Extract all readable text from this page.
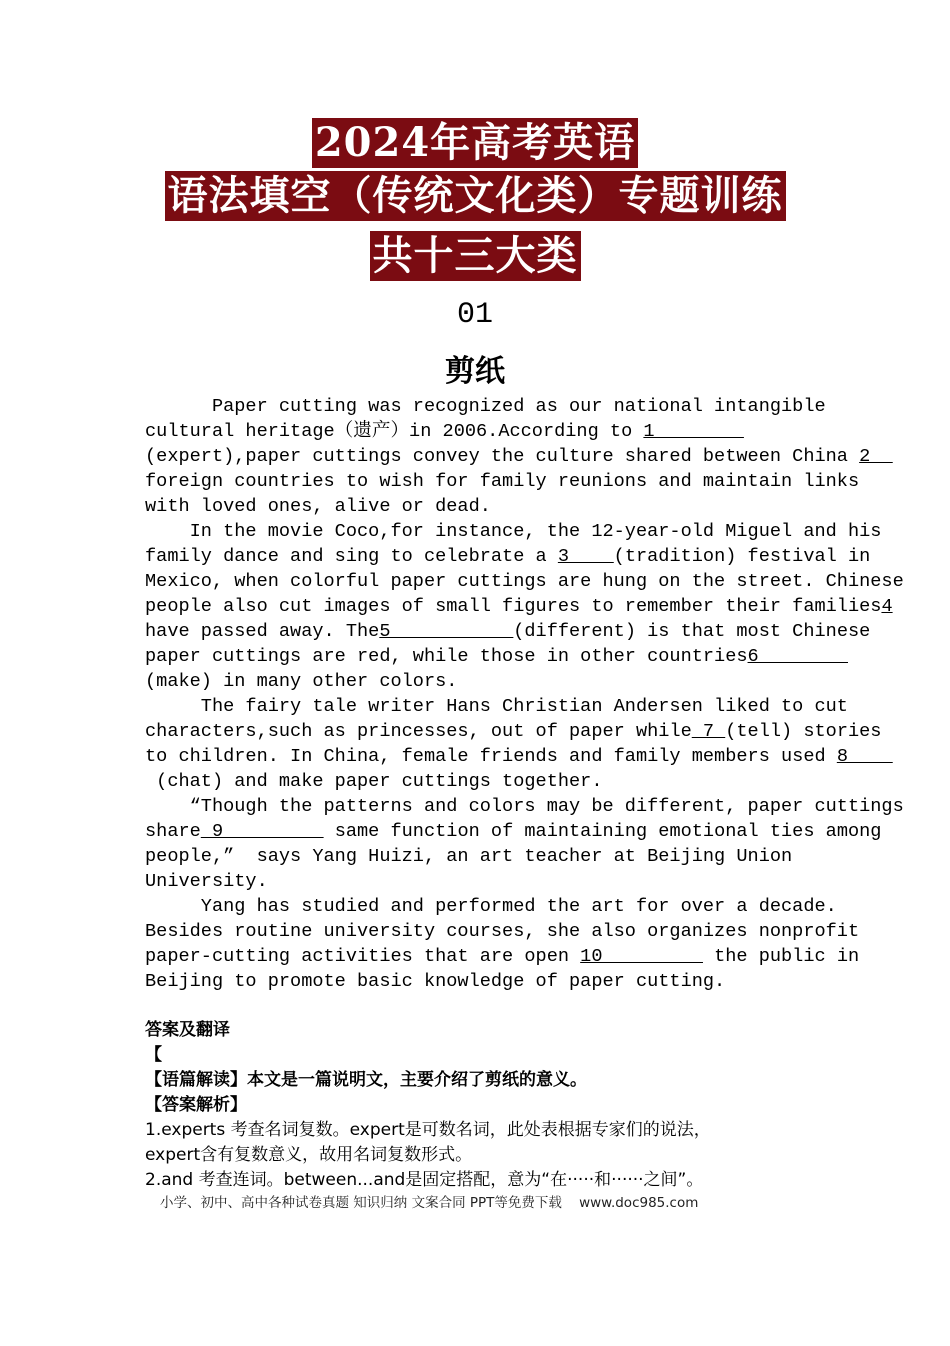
2024年高考英语
语法填空（传统文化类）专题训练
共十三大类
01
剪纸
Paper cutting was recognized as our national intangible
cultural heritage（遗产）in 2006.According to 1________
(expert),paper cuttings convey the culture shared between China 2__
foreign countries to wish for family reunions and maintain links
with loved ones, alive or dead.
In the movie Coco,for instance, the 12-year-old Miguel and his
family dance and sing to celebrate a 3____(tradition) festival in
Mexico, when colorful paper cuttings are hung on the street. Chinese
people also cut images of small figures to remember their families4
have passed away. The5___________(different) is that most Chinese
paper cuttings are red, while those in other countries6________
(make) in many other colors.
The fairy tale writer Hans Christian Andersen liked to cut
characters,such as princesses, out of paper while 7 (tell) stories
to children. In China, female friends and family members used 8____
(chat) and make paper cuttings together.
“Though the patterns and colors may be different, paper cuttings
share 9_________ same function of maintaining emotional ties among
people,”  says Yang Huizi, an art teacher at Beijing Union
University.
Yang has studied and performed the art for over a decade.
Besides routine university courses, she also organizes nonprofit
paper-cutting activities that are open 10_________ the public in
Beijing to promote basic knowledge of paper cutting.
答案及翻译
【
【语篇解读】本文是一篇说明文，主要介绍了剪纸的意义。
【答案解析】
1.experts 考查名词复数。expert是可数名词，此处表根据专家们的说法，
expert含有复数意义，故用名词复数形式。
2.and 考查连词。between...and是固定搭配，意为“在·····和······之间”。
小学、初中、高中各种试卷真题 知识归纳 文案合同 PPT等免费下载    www.doc985.com
